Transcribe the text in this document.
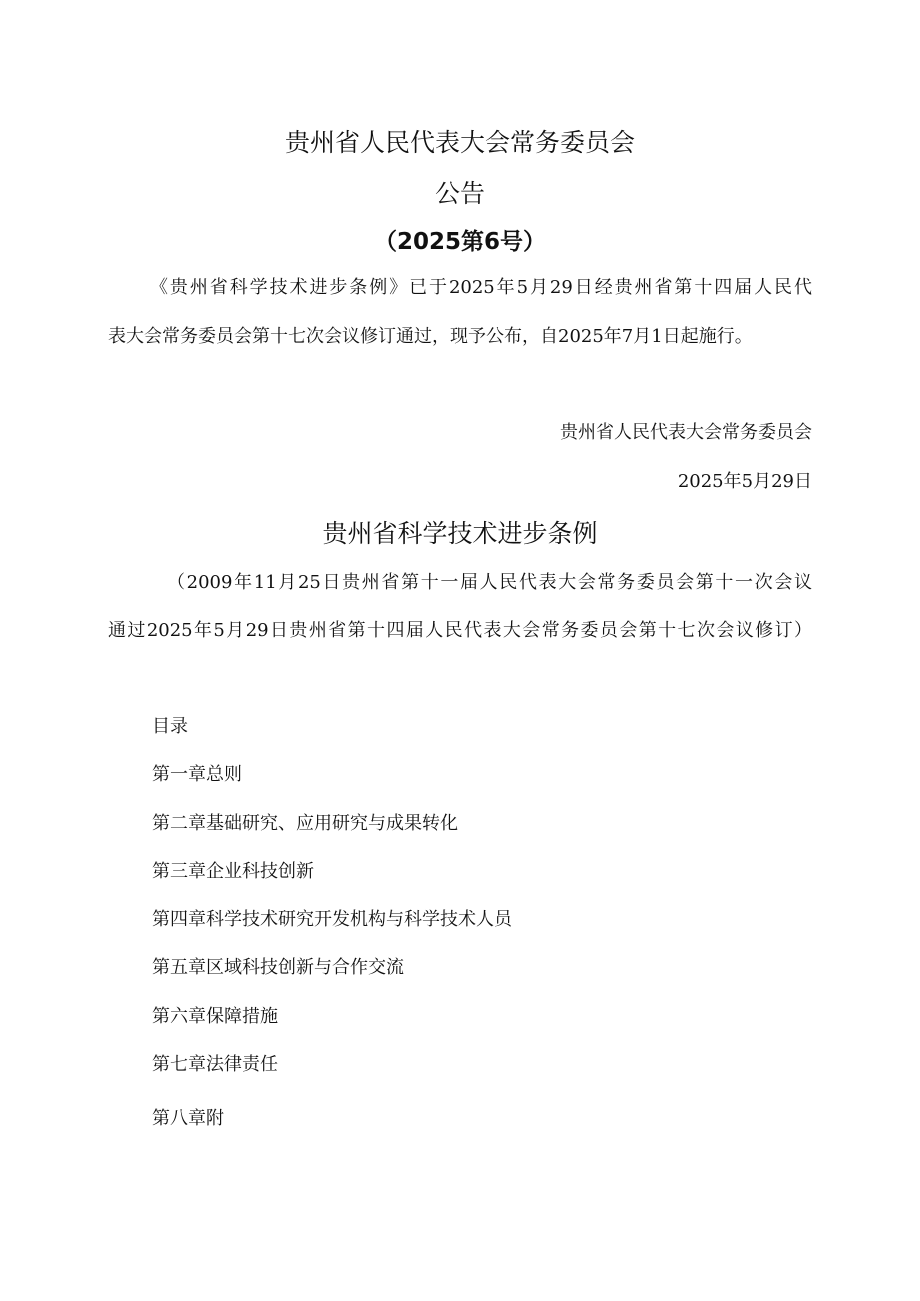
贵州省人民代表大会常务委员会
公告
（2025第6号）
《贵州省科学技术进步条例》已于2025年5月29日经贵州省第十四届人民代
表大会常务委员会第十七次会议修订通过，现予公布，自2025年7月1日起施行。
贵州省人民代表大会常务委员会
2025年5月29日
贵州省科学技术进步条例
（2009年11月25日贵州省第十一届人民代表大会常务委员会第十一次会议
通过2025年5月29日贵州省第十四届人民代表大会常务委员会第十七次会议修订）
目录
第一章总则
第二章基础研究、应用研究与成果转化
第三章企业科技创新
第四章科学技术研究开发机构与科学技术人员
第五章区域科技创新与合作交流
第六章保障措施
第七章法律责任
第八章附
